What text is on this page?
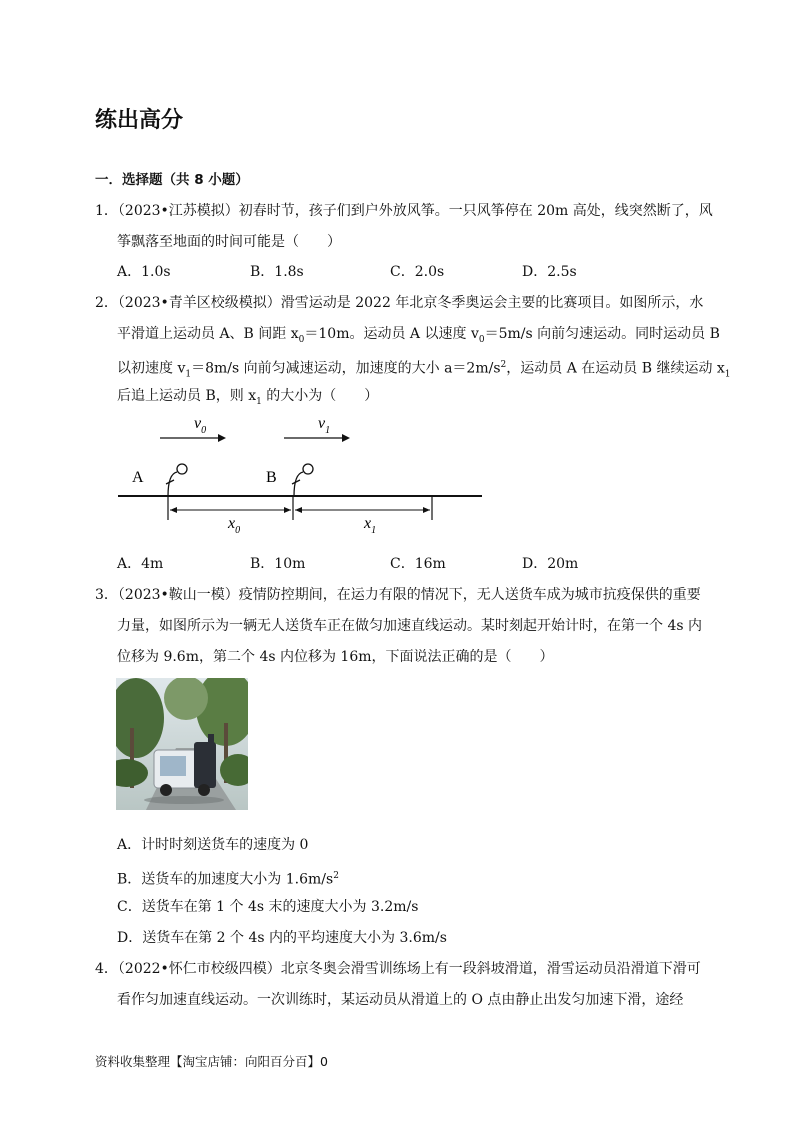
练出高分
一．选择题（共 8 小题）
1．（2023•江苏模拟）初春时节，孩子们到户外放风筝。一只风筝停在 20m 高处，线突然断了，风
筝飘落至地面的时间可能是（　　）
A．1.0s	B．1.8s	C．2.0s	D．2.5s
2．（2023•青羊区校级模拟）滑雪运动是 2022 年北京冬季奥运会主要的比赛项目。如图所示，水
平滑道上运动员 A、B 间距 $x_0=10m$。运动员 A 以速度 $v_0=5m/s$ 向前匀速运动。同时运动员 B
以初速度 $v_1=8m/s$ 向前匀减速运动，加速度的大小 $a=2m/s^2$，运动员 A 在运动员 B 继续运动 $x_1$
后追上运动员 B，则 $x_1$ 的大小为（　　）
$v_0$	$v_1$
A	B
$x_0$	$x_1$
A．4m	B．10m	C．16m	D．20m
3．（2023•鞍山一模）疫情防控期间，在运力有限的情况下，无人送货车成为城市抗疫保供的重要
力量，如图所示为一辆无人送货车正在做匀加速直线运动。某时刻起开始计时，在第一个 4s 内
位移为 9.6m，第二个 4s 内位移为 16m，下面说法正确的是（　　）
A．计时时刻送货车的速度为 0
B．送货车的加速度大小为 $1.6m/s^2$
C．送货车在第 1 个 4s 末的速度大小为 3.2m/s
D．送货车在第 2 个 4s 内的平均速度大小为 3.6m/s
4．（2022•怀仁市校级四模）北京冬奥会滑雪训练场上有一段斜坡滑道，滑雪运动员沿滑道下滑可
看作匀加速直线运动。一次训练时，某运动员从滑道上的 O 点由静止出发匀加速下滑，途经
资料收集整理【淘宝店铺：向阳百分百】0
